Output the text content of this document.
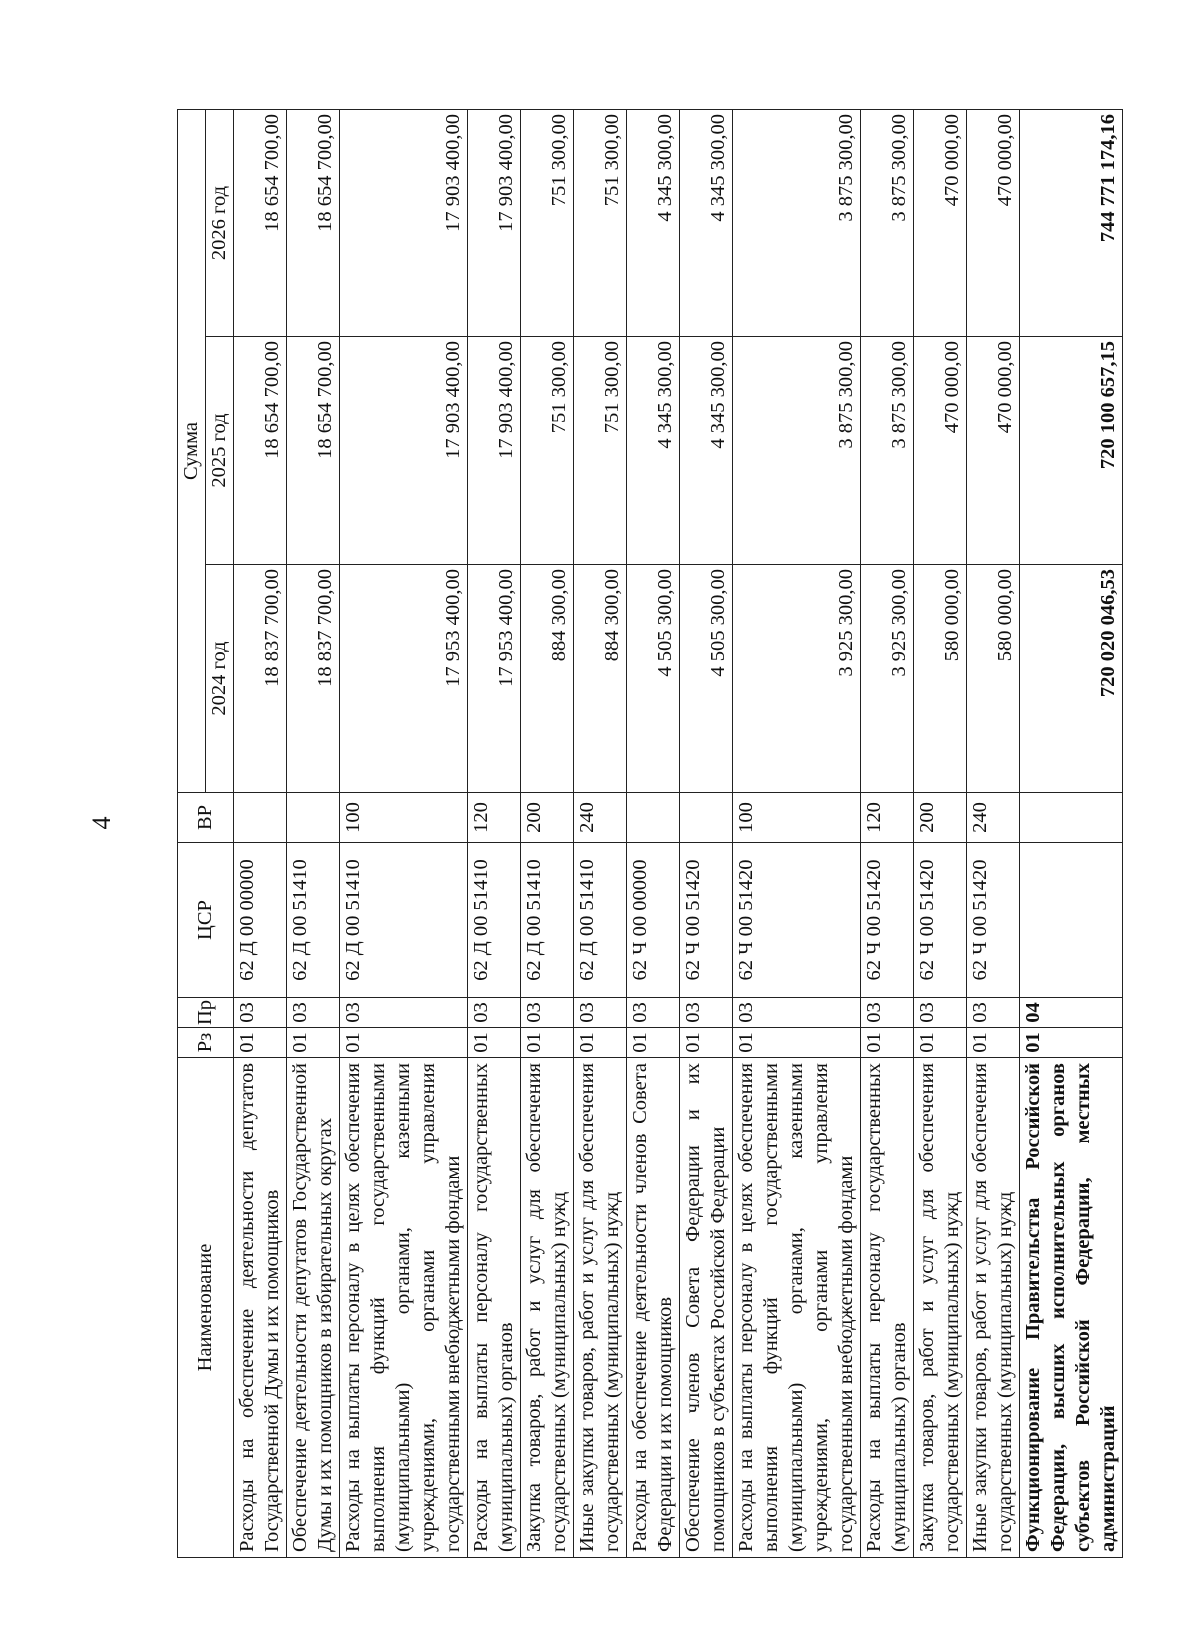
4
Наименование	Рз	Пр	ЦСР	ВР	Сумма		
					2024 год	2025 год	2026 год
Расходы на обеспечение деятельности депутатов Государственной Думы и их помощников	01	03	62 Д 00 00000		18 837 700,00	18 654 700,00	18 654 700,00
Обеспечение деятельности депутатов Государственной Думы и их помощников в избирательных округах	01	03	62 Д 00 51410		18 837 700,00	18 654 700,00	18 654 700,00
Расходы на выплаты персоналу в целях обеспечения выполнения функций государственными (муниципальными) органами, казенными учреждениями, органами управления государственными внебюджетными фондами	01	03	62 Д 00 51410	100	17 953 400,00	17 903 400,00	17 903 400,00
Расходы на выплаты персоналу государственных (муниципальных) органов	01	03	62 Д 00 51410	120	17 953 400,00	17 903 400,00	17 903 400,00
Закупка товаров, работ и услуг для обеспечения государственных (муниципальных) нужд	01	03	62 Д 00 51410	200	884 300,00	751 300,00	751 300,00
Иные закупки товаров, работ и услуг для обеспечения государственных (муниципальных) нужд	01	03	62 Д 00 51410	240	884 300,00	751 300,00	751 300,00
Расходы на обеспечение деятельности членов Совета Федерации и их помощников	01	03	62 Ч 00 00000		4 505 300,00	4 345 300,00	4 345 300,00
Обеспечение членов Совета Федерации и их помощников в субъектах Российской Федерации	01	03	62 Ч 00 51420		4 505 300,00	4 345 300,00	4 345 300,00
Расходы на выплаты персоналу в целях обеспечения выполнения функций государственными (муниципальными) органами, казенными учреждениями, органами управления государственными внебюджетными фондами	01	03	62 Ч 00 51420	100	3 925 300,00	3 875 300,00	3 875 300,00
Расходы на выплаты персоналу государственных (муниципальных) органов	01	03	62 Ч 00 51420	120	3 925 300,00	3 875 300,00	3 875 300,00
Закупка товаров, работ и услуг для обеспечения государственных (муниципальных) нужд	01	03	62 Ч 00 51420	200	580 000,00	470 000,00	470 000,00
Иные закупки товаров, работ и услуг для обеспечения государственных (муниципальных) нужд	01	03	62 Ч 00 51420	240	580 000,00	470 000,00	470 000,00
Функционирование Правительства Российской Федерации, высших исполнительных органов субъектов Российской Федерации, местных администраций	01	04			720 020 046,53	720 100 657,15	744 771 174,16
